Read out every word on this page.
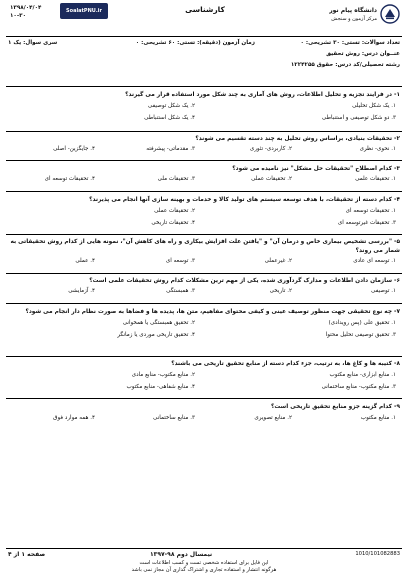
۱۳۹۸/۰۴/۰۴
۱۰-۳۰
SoalatPNU.ir	کارشناسی	دانشگاه پیام نور
مرکز آزمون و سنجش
تعداد سوالات: تستی: ۳۰ تشریحی: ۰
زمان آزمون (دقیقه): تستی: ۶۰ تشریحی: ۰
سری سوال: یک ۱
عنــوان درس: روش تحقیق
رشته تحصیلی/کد درس: حقوق ۱۲۲۴۲۵۵
۱- در فرایند تجزیه و تحلیل اطلاعات، روش های آماری به چند شکل مورد استفاده قرار می گیرند؟
۱. یک شکل تحلیلی
۲. یک شکل توصیفی
۳. دو شکل توصیفی و استنباطی
۴. یک شکل استنباطی
۲- تحقیقات بنیادی، براساس روش تحلیل به چند دسته تقسیم می شوند؟
۱. نحوی- نظری
۲. کاربردی- تئوری
۳. مقدماتی- پیشرفته
۴. جایگزین- اصلی
۳- کدام اصطلاح "تحقیقات حل مشکل" نیز نامیده می شود؟
۱. تحقیقات علمی
۲. تحقیقات عملی
۳. تحقیقات ملی
۴. تحقیقات توسعه ای
۴- کدام دسته از تحقیقات، با هدف توسعه سیستم های تولید کالا و خدمات و بهینه سازی آنها انجام می پذیرند؟
۱. تحقیقات توسعه ای
۲. تحقیقات عملی
۳. تحقیقات غیرتوسعه ای
۴. تحقیقات تاریخی
۵- "بررسی تشخیص بیماری خاص و درمان آن" و "یافتن علت افزایش بیکاری و راه های کاهش آن"، نمونه هایی از کدام روش تحقیقاتی به شمار می روند؟
۱. توسعه ای عادی
۲. غیرعملی
۳. توسعه ای
۴. عملی
۶- سازمان دادن اطلاعات و مدارک گردآوری شده، یکی از مهم ترین مشکلات کدام روش تحقیقات علمی است؟
۱. توصیفی
۲. تاریخی
۳. همبستگی
۴. آزمایشی
۷- چه نوع تحقیقی جهت منظور توصیف عینی و کیفی محتوای مفاهیم، متن ها، پدیده ها و فضاها به صورت نظام دار انجام می شود؟
۱. تحقیق علی (پس رویدادی)
۲. تحقیق همبستگی یا همخوانی
۳. تحقیق توصیفی تحلیل محتوا
۴. تحقیق تاریخی موردی یا زمانگر
۸- کتیبه ها و کاغ ها، به ترتیب، جزء کدام دسته از منابع تحقیق تاریخی می باشند؟
۱. منابع ابزاری- منابع مکتوب
۲. منابع مکتوب- منابع مادی
۳. منابع مکتوب- منابع ساختمانی
۴. منابع شفاهی- منابع مکتوب
۹- کدام گزینه جزو منابع تحقیق تاریخی است؟
۱. منابع مکتوب
۲. منابع تصویری
۳. منابع ساختمانی
۴. همه موارد فوق
صفحه ۱ از ۴	نیمسال دوم ۹۸-۱۳۹۷	1010/101082883
این فایل برای استفاده شخصی تست و کسب اطلاعات است
هرگونه انتشار و استفاده تجاری و اشتراک گذاری آن مجاز نمی باشد
